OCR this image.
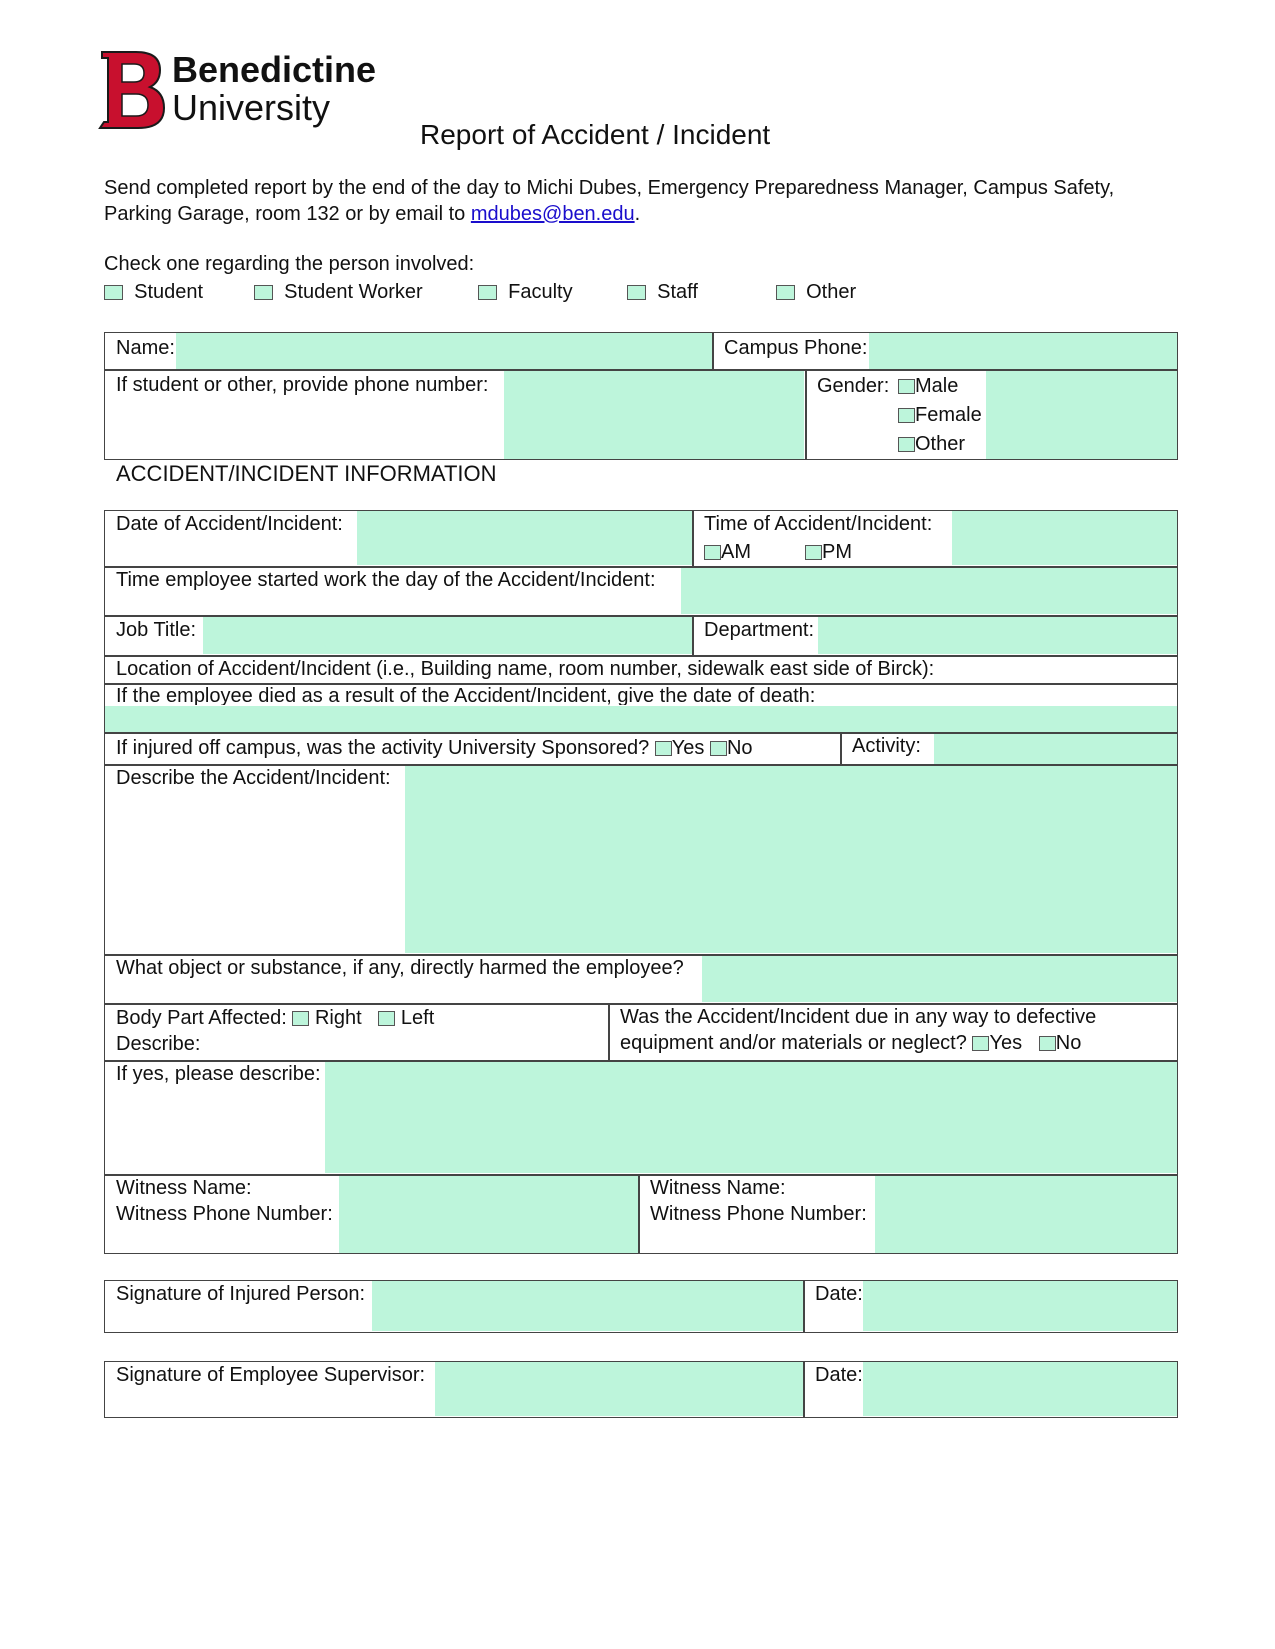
Benedictine
University
Report of Accident / Incident
Send completed report by the end of the day to Michi Dubes, Emergency Preparedness Manager, Campus Safety,
Parking Garage, room 132 or by email to mdubes@ben.edu.
Check one regarding the person involved:
Student	Student Worker	Faculty	Staff	Other
Name:	Campus Phone:
If student or other, provide phone number:	Gender:	Male
Female
Other
ACCIDENT/INCIDENT INFORMATION
Date of Accident/Incident:	Time of Accident/Incident:
AM	PM
Time employee started work the day of the Accident/Incident:
Job Title:	Department:
Location of Accident/Incident (i.e., Building name, room number, sidewalk east side of Birck):
If the employee died as a result of the Accident/Incident, give the date of death:
If injured off campus, was the activity University Sponsored? Yes No	Activity:
Describe the Accident/Incident:
What object or substance, if any, directly harmed the employee?
Body Part Affected: Right Left
Describe:
Was the Accident/Incident due in any way to defective
equipment and/or materials or neglect? Yes No
If yes, please describe:
Witness Name:
Witness Phone Number:
Witness Name:
Witness Phone Number:
Signature of Injured Person:	Date:
Signature of Employee Supervisor:	Date:
